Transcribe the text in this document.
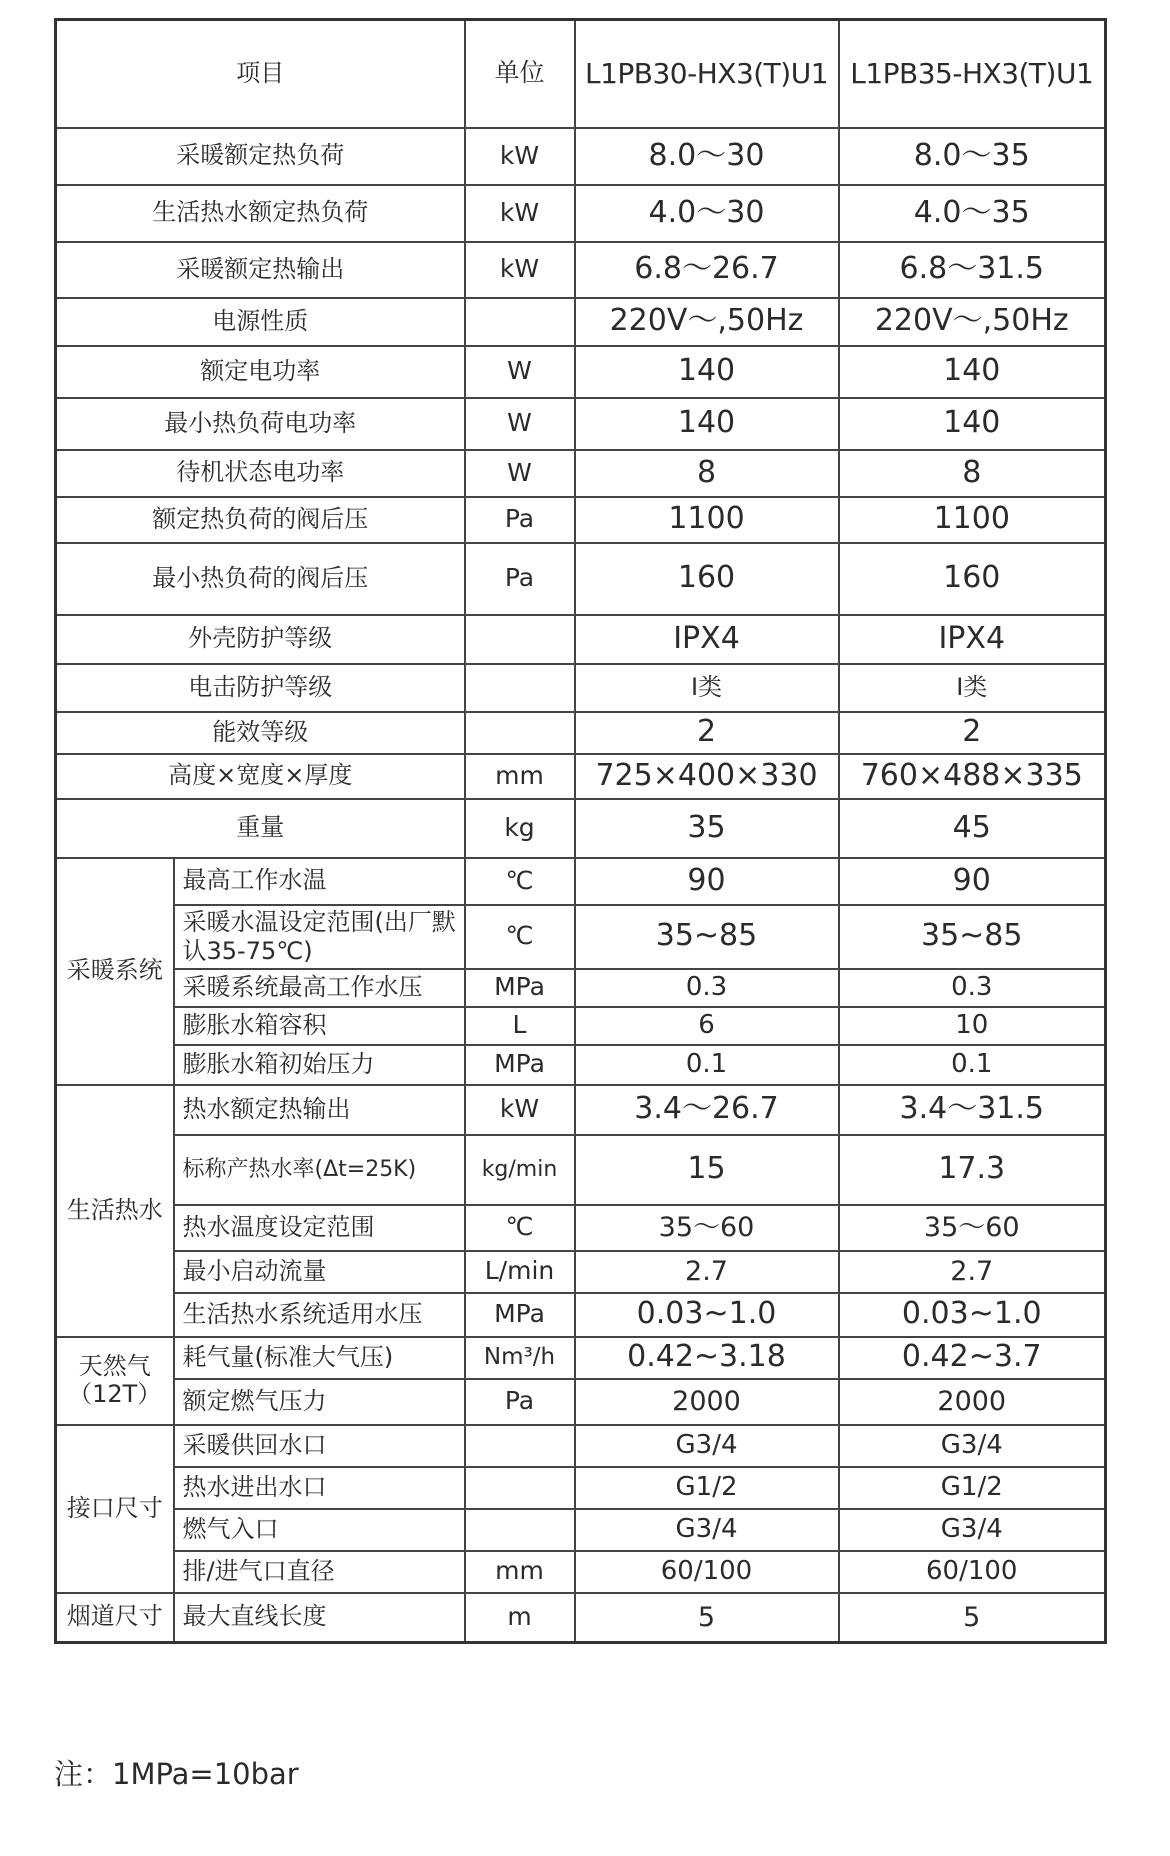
项目		单位	L1PB30-HX3(T)U1	L1PB35-HX3(T)U1
采暖额定热负荷		kW	8.0～30	8.0～35
生活热水额定热负荷		kW	4.0～30	4.0～35
采暖额定热输出		kW	6.8～26.7	6.8～31.5
电源性质			220V～,50Hz	220V～,50Hz
额定电功率		W	140	140
最小热负荷电功率		W	140	140
待机状态电功率		W	8	8
额定热负荷的阀后压		Pa	1100	1100
最小热负荷的阀后压		Pa	160	160
外壳防护等级			IPX4	IPX4
电击防护等级			I类	I类
能效等级			2	2
高度×宽度×厚度		mm	725×400×330	760×488×335
重量		kg	35	45
采暖系统	最高工作水温	℃	90	90
	采暖水温设定范围(出厂默认35-75℃)	℃	35~85	35~85
	采暖系统最高工作水压	MPa	0.3	0.3
	膨胀水箱容积	L	6	10
	膨胀水箱初始压力	MPa	0.1	0.1
生活热水	热水额定热输出	kW	3.4～26.7	3.4～31.5
	标称产热水率(Δt=25K)	kg/min	15	17.3
	热水温度设定范围	℃	35～60	35～60
	最小启动流量	L/min	2.7	2.7
	生活热水系统适用水压	MPa	0.03~1.0	0.03~1.0
天然气（12T）	耗气量(标准大气压)	Nm³/h	0.42~3.18	0.42~3.7
	额定燃气压力	Pa	2000	2000
接口尺寸	采暖供回水口		G3/4	G3/4
	热水进出水口		G1/2	G1/2
	燃气入口		G3/4	G3/4
	排/进气口直径	mm	60/100	60/100
烟道尺寸	最大直线长度	m	5	5
注：1MPa=10bar
